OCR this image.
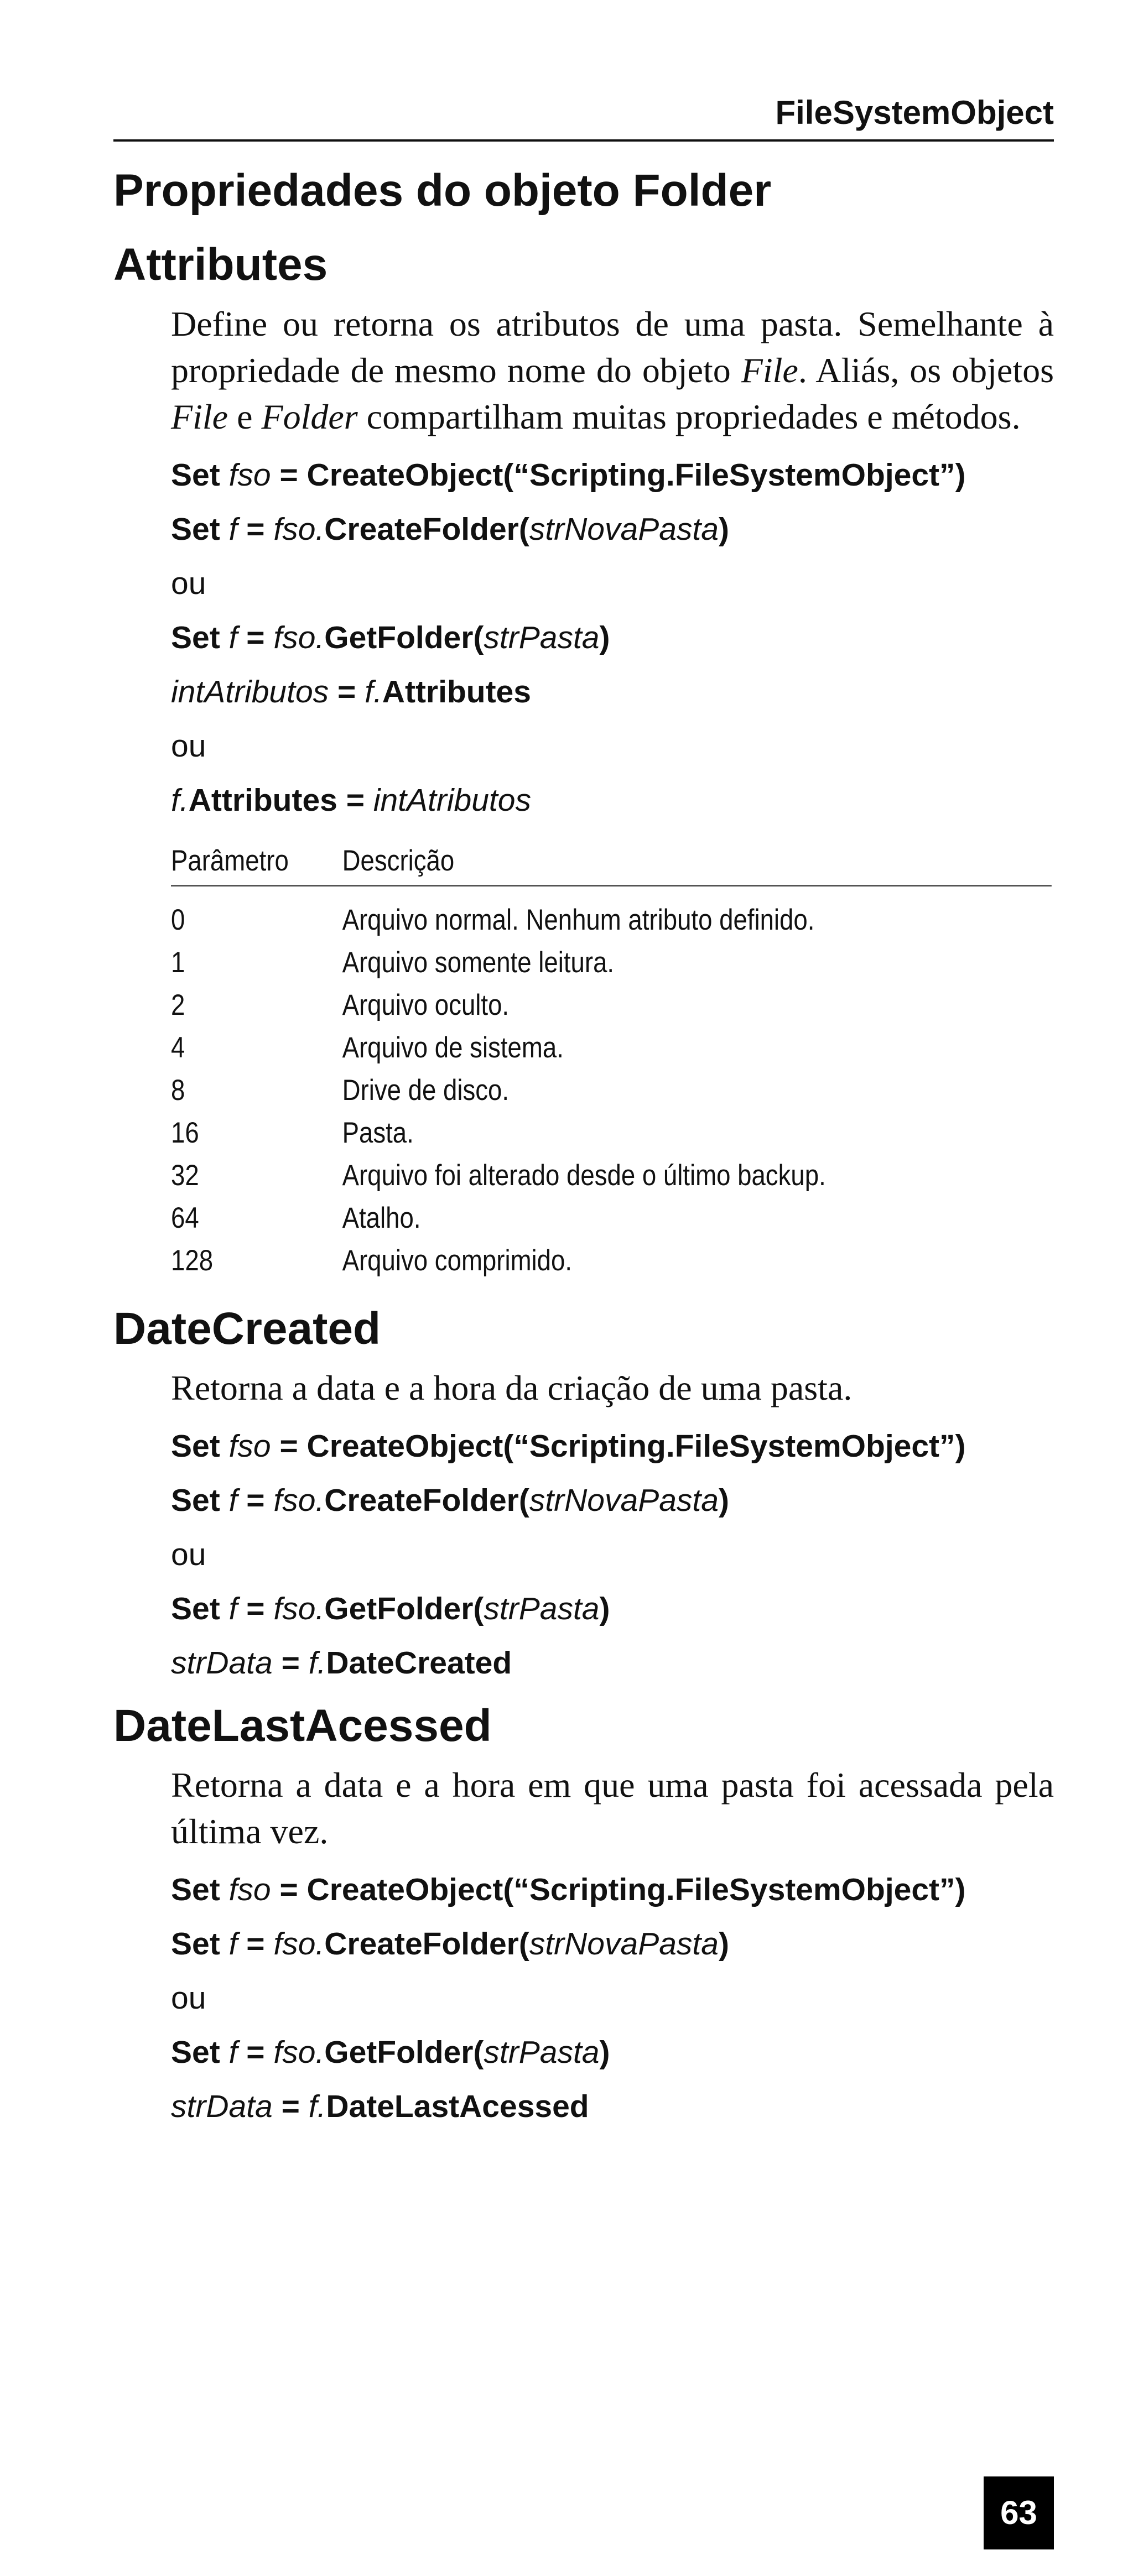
FileSystemObject
Propriedades do objeto Folder
Attributes

Define ou retorna os atributos de uma pasta. Semelhante à propriedade de mesmo nome do objeto File. Aliás, os objetos File e Folder compartilham muitas propriedades e métodos.

Set fso = CreateObject(“Scripting.FileSystemObject”)
Set f = fso.CreateFolder(strNovaPasta)
ou
Set f = fso.GetFolder(strPasta)
intAtributos = f.Attributes
ou
f.Attributes = intAtributos
Parâmetro	Descrição
0	Arquivo normal. Nenhum atributo definido.
1	Arquivo somente leitura.
2	Arquivo oculto.
4	Arquivo de sistema.
8	Drive de disco.
16	Pasta.
32	Arquivo foi alterado desde o último backup.
64	Atalho.
128	Arquivo comprimido.
DateCreated

Retorna a data e a hora da criação de uma pasta.

Set fso = CreateObject(“Scripting.FileSystemObject”)
Set f = fso.CreateFolder(strNovaPasta)
ou
Set f = fso.GetFolder(strPasta)
strData = f.DateCreated
DateLastAcessed

Retorna a data e a hora em que uma pasta foi acessada pela última vez.

Set fso = CreateObject(“Scripting.FileSystemObject”)
Set f = fso.CreateFolder(strNovaPasta)
ou
Set f = fso.GetFolder(strPasta)
strData = f.DateLastAcessed
63
